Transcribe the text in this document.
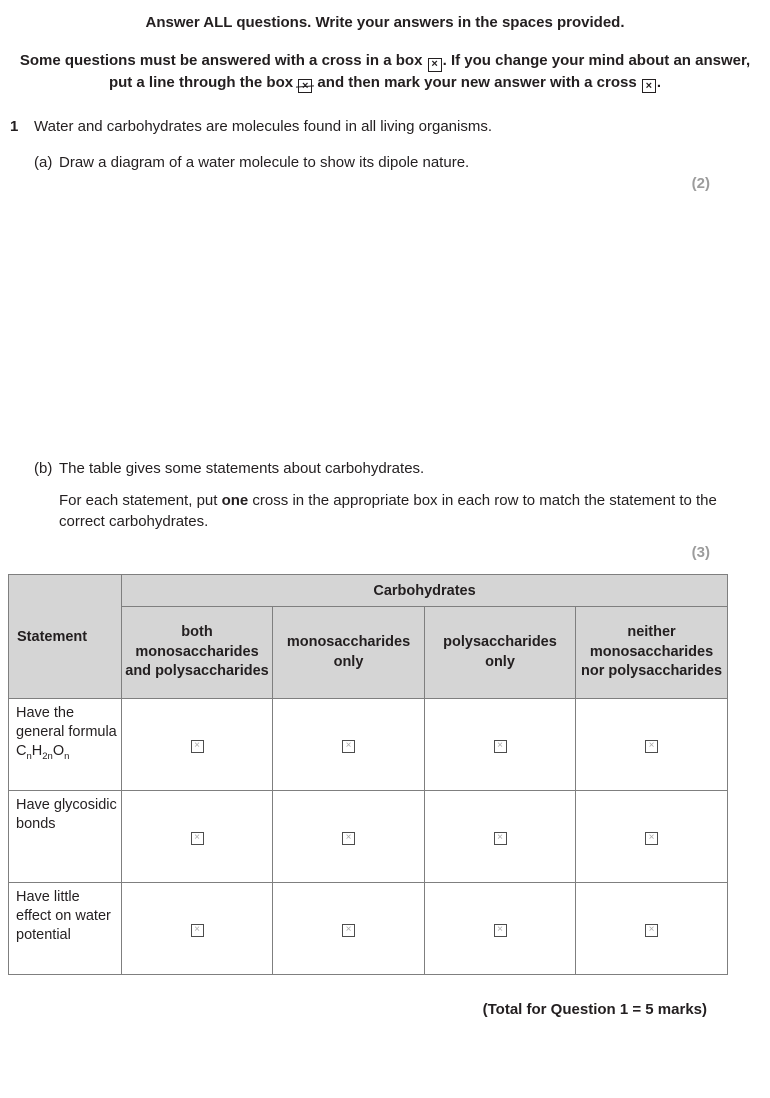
Answer ALL questions. Write your answers in the spaces provided.

Some questions must be answered with a cross in a box × . If you change your mind about an answer, put a line through the box × and then mark your new answer with a cross × .

1	Water and carbohydrates are molecules found in all living organisms.
(a) Draw a diagram of a water molecule to show its dipole nature.
(2)
(b) The table gives some statements about carbohydrates.
For each statement, put one cross in the appropriate box in each row to match the statement to the correct carbohydrates.
(3)
Statement	Carbohydrates			
	both monosaccharides and polysaccharides	monosaccharides only	polysaccharides only	neither monosaccharides nor polysaccharides
Have the general formula
$C_nH_{2n}O_n$	×	×	×	×

Have glycosidic bonds	×	×	×	×

Have little effect on water potential	×	×	×	×
(Total for Question 1 = 5 marks)
